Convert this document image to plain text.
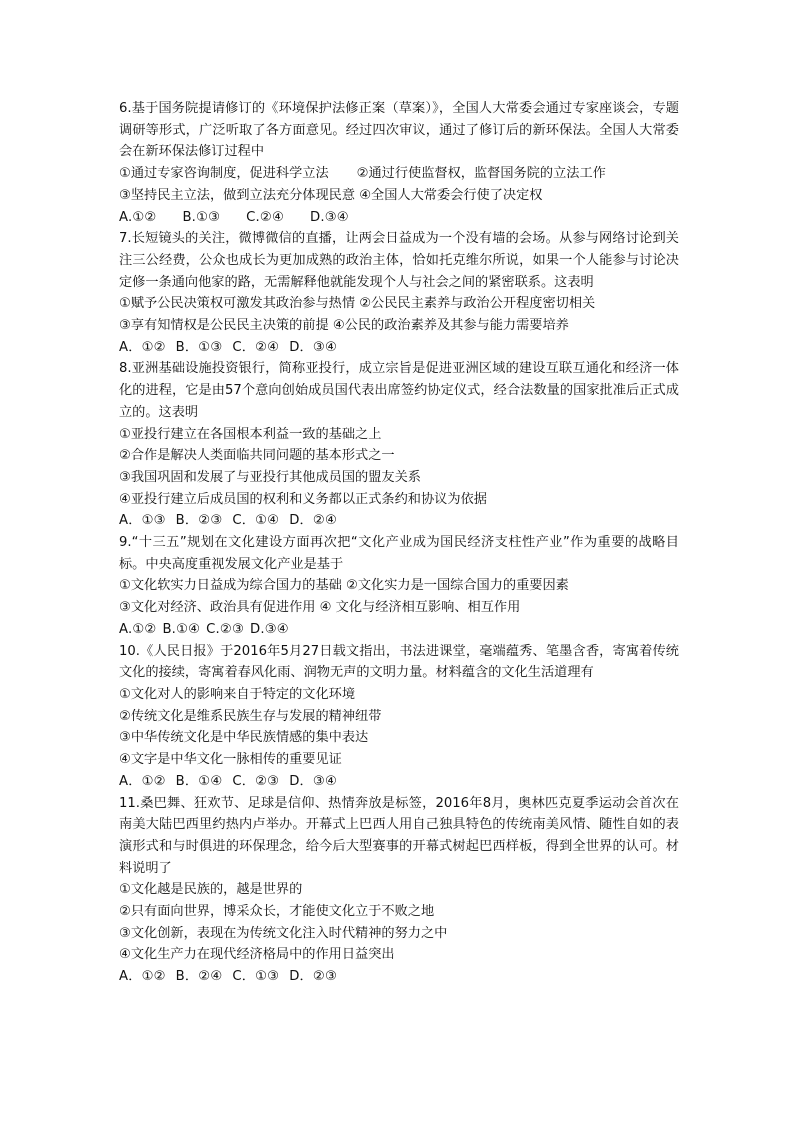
6.基于国务院提请修订的《环境保护法修正案（草案）》，全国人大常委会通过专家座谈会，专题调研等形式，广泛听取了各方面意见。经过四次审议，通过了修订后的新环保法。全国人大常委会在新环保法修订过程中
①通过专家咨询制度，促进科学立法 ②通过行使监督权，监督国务院的立法工作
③坚持民主立法，做到立法充分体现民意 ④全国人大常委会行使了决定权
A.①② B.①③ C.②④ D.③④
7.长短镜头的关注，微博微信的直播，让两会日益成为一个没有墙的会场。从参与网络讨论到关注三公经费，公众也成长为更加成熟的政治主体，恰如托克维尔所说，如果一个人能参与讨论决定修一条通向他家的路，无需解释他就能发现个人与社会之间的紧密联系。这表明
①赋予公民决策权可激发其政治参与热情 ②公民民主素养与政治公开程度密切相关
③享有知情权是公民民主决策的前提 ④公民的政治素养及其参与能力需要培养
A．①② B．①③ C．②④ D．③④
8.亚洲基础设施投资银行，简称亚投行，成立宗旨是促进亚洲区域的建设互联互通化和经济一体化的进程，它是由57个意向创始成员国代表出席签约协定仪式，经合法数量的国家批准后正式成立的。这表明
①亚投行建立在各国根本利益一致的基础之上
②合作是解决人类面临共同问题的基本形式之一
③我国巩固和发展了与亚投行其他成员国的盟友关系
④亚投行建立后成员国的权利和义务都以正式条约和协议为依据
A．①③ B．②③ C．①④ D．②④
9.“十三五”规划在文化建设方面再次把“文化产业成为国民经济支柱性产业”作为重要的战略目标。中央高度重视发展文化产业是基于
①文化软实力日益成为综合国力的基础 ②文化实力是一国综合国力的重要因素
③文化对经济、政治具有促进作用 ④ 文化与经济相互影响、相互作用
A.①② B.①④ C.②③ D.③④
10.《人民日报》于2016年5月27日载文指出，书法进课堂，毫端蕴秀、笔墨含香，寄寓着传统文化的接续，寄寓着春风化雨、润物无声的文明力量。材料蕴含的文化生活道理有
①文化对人的影响来自于特定的文化环境
②传统文化是维系民族生存与发展的精神纽带
③中华传统文化是中华民族情感的集中表达
④文字是中华文化一脉相传的重要见证
A．①② B．①④ C．②③ D．③④
11.桑巴舞、狂欢节、足球是信仰、热情奔放是标签，2016年8月，奥林匹克夏季运动会首次在南美大陆巴西里约热内卢举办。开幕式上巴西人用自己独具特色的传统南美风情、随性自如的表演形式和与时俱进的环保理念，给今后大型赛事的开幕式树起巴西样板，得到全世界的认可。材料说明了
①文化越是民族的，越是世界的
②只有面向世界，博采众长，才能使文化立于不败之地
③文化创新，表现在为传统文化注入时代精神的努力之中
④文化生产力在现代经济格局中的作用日益突出
A．①② B．②④ C．①③ D．②③
